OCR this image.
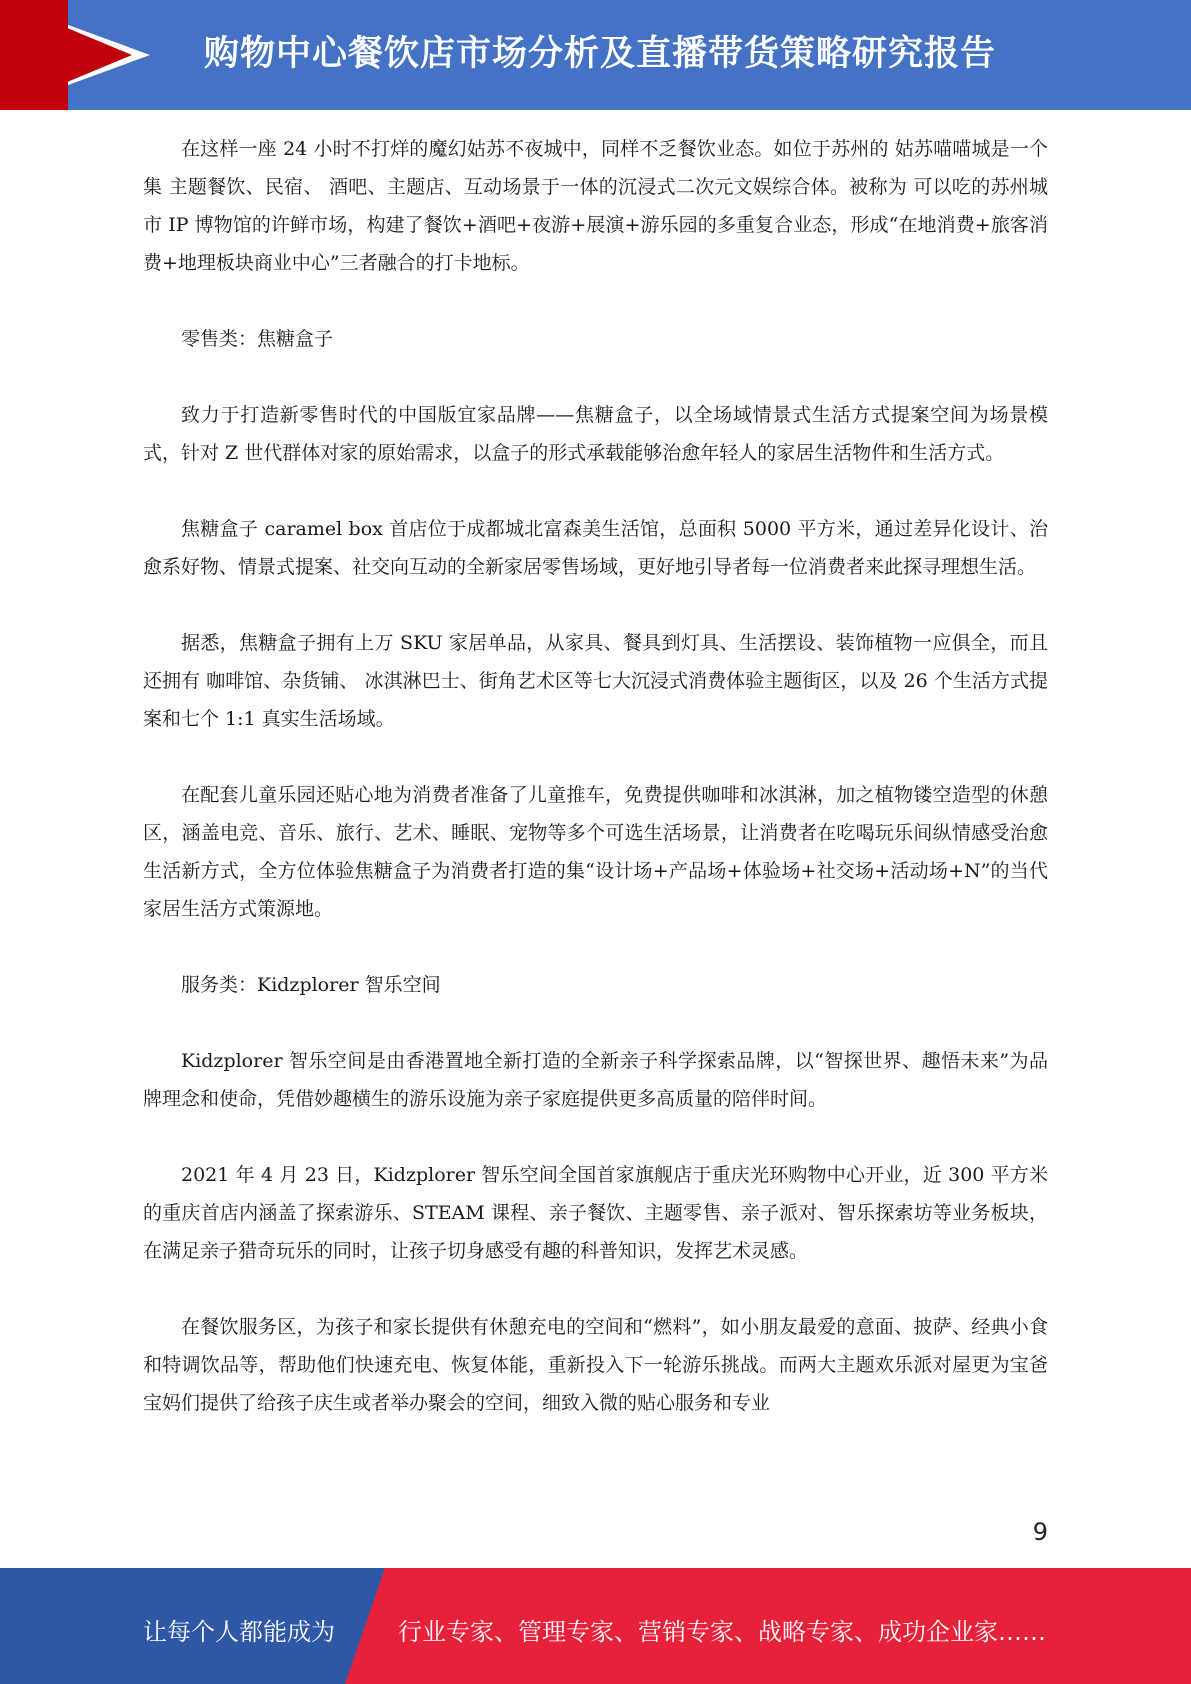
购物中心餐饮店市场分析及直播带货策略研究报告

在这样一座 24 小时不打烊的魔幻姑苏不夜城中，同样不乏餐饮业态。如位于苏州的 姑苏喵喵城是一个集 主题餐饮、民宿、 酒吧、主题店、互动场景于一体的沉浸式二次元文娱综合体。被称为 可以吃的苏州城市 IP 博物馆的许鲜市场，构建了餐饮+酒吧+夜游+展演+游乐园的多重复合业态，形成“在地消费+旅客消费+地理板块商业中心”三者融合的打卡地标。

零售类：焦糖盒子

致力于打造新零售时代的中国版宜家品牌——焦糖盒子，以全场域情景式生活方式提案空间为场景模式，针对 Z 世代群体对家的原始需求，以盒子的形式承载能够治愈年轻人的家居生活物件和生活方式。

焦糖盒子 caramel box 首店位于成都城北富森美生活馆，总面积 5000 平方米，通过差异化设计、治愈系好物、情景式提案、社交向互动的全新家居零售场域，更好地引导者每一位消费者来此探寻理想生活。

据悉，焦糖盒子拥有上万 SKU 家居单品，从家具、餐具到灯具、生活摆设、装饰植物一应俱全，而且还拥有 咖啡馆、杂货铺、 冰淇淋巴士、街角艺术区等七大沉浸式消费体验主题街区，以及 26 个生活方式提案和七个 1:1 真实生活场域。

在配套儿童乐园还贴心地为消费者准备了儿童推车，免费提供咖啡和冰淇淋，加之植物镂空造型的休憩区，涵盖电竞、音乐、旅行、艺术、睡眠、宠物等多个可选生活场景，让消费者在吃喝玩乐间纵情感受治愈生活新方式，全方位体验焦糖盒子为消费者打造的集“设计场+产品场+体验场+社交场+活动场+N”的当代家居生活方式策源地。

服务类：Kidzplorer 智乐空间

Kidzplorer 智乐空间是由香港置地全新打造的全新亲子科学探索品牌，以“智探世界、趣悟未来”为品牌理念和使命，凭借妙趣横生的游乐设施为亲子家庭提供更多高质量的陪伴时间。

2021 年 4 月 23 日，Kidzplorer 智乐空间全国首家旗舰店于重庆光环购物中心开业，近 300 平方米的重庆首店内涵盖了探索游乐、STEAM 课程、亲子餐饮、主题零售、亲子派对、智乐探索坊等业务板块，在满足亲子猎奇玩乐的同时，让孩子切身感受有趣的科普知识，发挥艺术灵感。

在餐饮服务区，为孩子和家长提供有休憩充电的空间和“燃料”，如小朋友最爱的意面、披萨、经典小食和特调饮品等，帮助他们快速充电、恢复体能，重新投入下一轮游乐挑战。而两大主题欢乐派对屋更为宝爸宝妈们提供了给孩子庆生或者举办聚会的空间，细致入微的贴心服务和专业

9
让每个人都能成为	行业专家、管理专家、营销专家、战略专家、成功企业家……
